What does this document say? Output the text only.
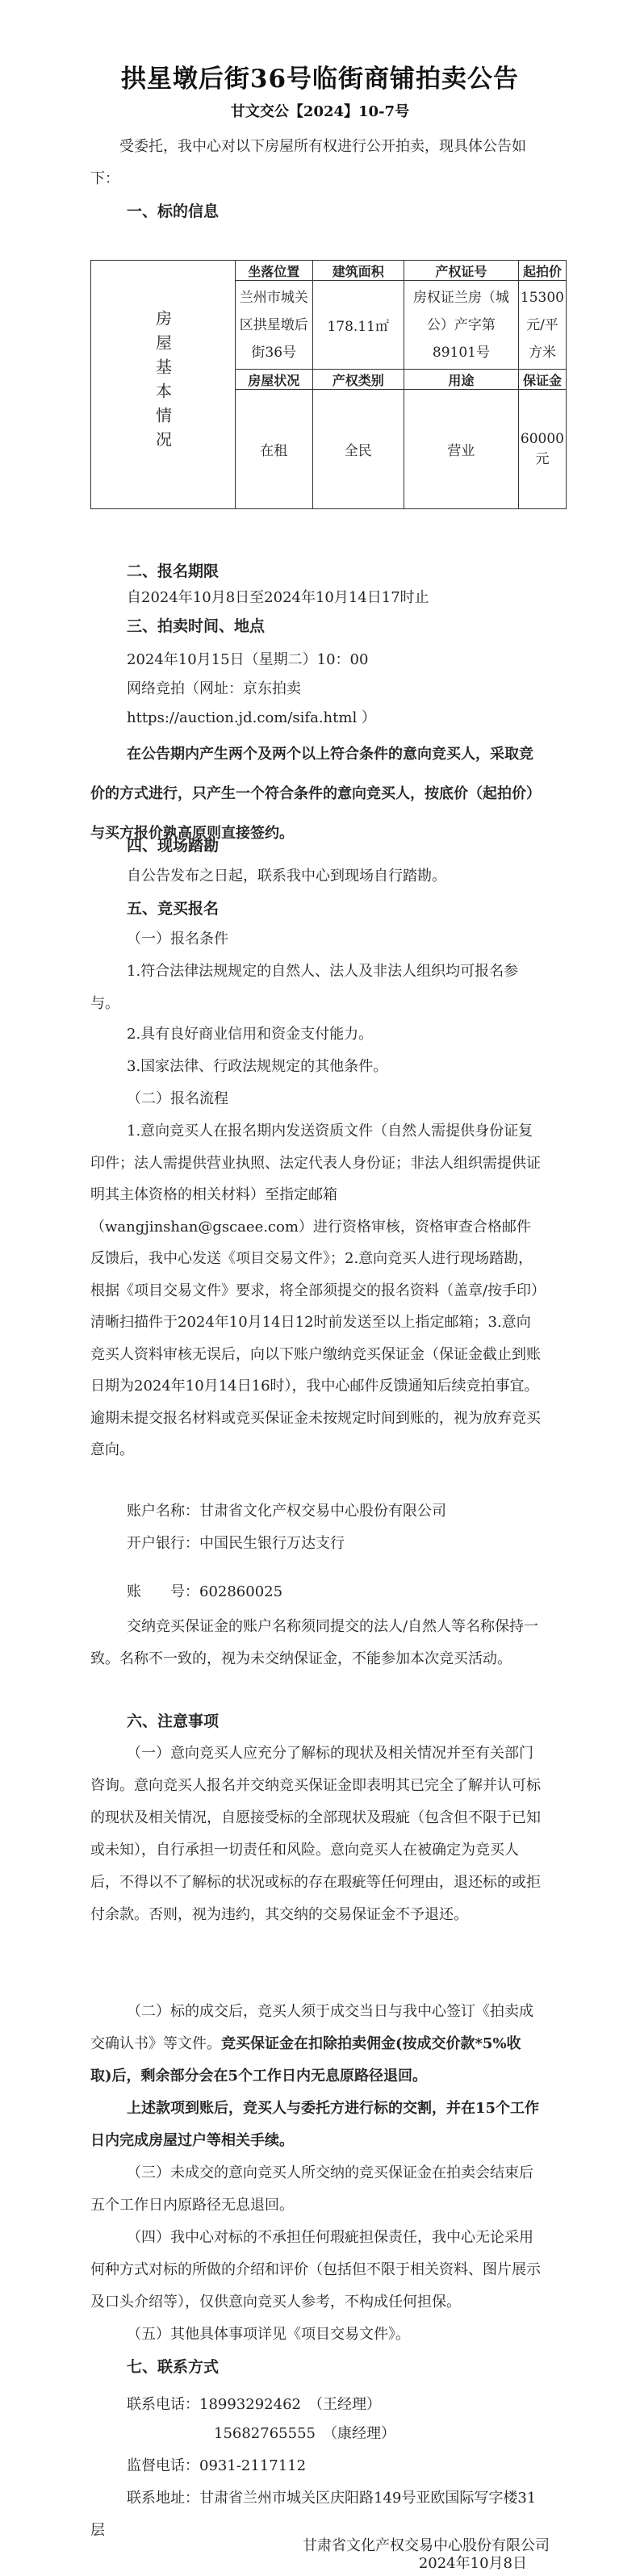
拱星墩后街36号临街商铺拍卖公告
甘文交公【2024】10-7号
受委托，我中心对以下房屋所有权进行公开拍卖，现具体公告如下：
一、标的信息
房屋基本情况	坐落位置	建筑面积	产权证号	起拍价
	兰州市城关区拱星墩后街36号	178.11㎡	房权证兰房（城公）产字第89101号	15300元/平方米
	房屋状况	产权类别	用途	保证金
	在租	全民	营业	60000元
二、报名期限
自2024年10月8日至2024年10月14日17时止
三、拍卖时间、地点
2024年10月15日（星期二）10：00
网络竞拍（网址：京东拍卖
https://auction.jd.com/sifa.html ）
在公告期内产生两个及两个以上符合条件的意向竞买人，采取竞价的方式进行，只产生一个符合条件的意向竞买人，按底价（起拍价）与买方报价孰高原则直接签约。
四、现场踏勘
自公告发布之日起，联系我中心到现场自行踏勘。
五、竞买报名
（一）报名条件
1.符合法律法规规定的自然人、法人及非法人组织均可报名参与。
2.具有良好商业信用和资金支付能力。
3.国家法律、行政法规规定的其他条件。
（二）报名流程
1.意向竞买人在报名期内发送资质文件（自然人需提供身份证复印件；法人需提供营业执照、法定代表人身份证；非法人组织需提供证明其主体资格的相关材料）至指定邮箱（wangjinshan@gscaee.com）进行资格审核，资格审查合格邮件反馈后，我中心发送《项目交易文件》；2.意向竞买人进行现场踏勘，根据《项目交易文件》要求，将全部须提交的报名资料（盖章/按手印）清晰扫描件于2024年10月14日12时前发送至以上指定邮箱；3.意向竞买人资料审核无误后，向以下账户缴纳竞买保证金（保证金截止到账日期为2024年10月14日16时），我中心邮件反馈通知后续竞拍事宜。逾期未提交报名材料或竞买保证金未按规定时间到账的，视为放弃竞买意向。
账户名称：甘肃省文化产权交易中心股份有限公司
开户银行：中国民生银行万达支行
账　　号：602860025
交纳竞买保证金的账户名称须同提交的法人/自然人等名称保持一致。名称不一致的，视为未交纳保证金，不能参加本次竞买活动。
六、注意事项
（一）意向竞买人应充分了解标的现状及相关情况并至有关部门咨询。意向竞买人报名并交纳竞买保证金即表明其已完全了解并认可标的现状及相关情况，自愿接受标的全部现状及瑕疵（包含但不限于已知或未知），自行承担一切责任和风险。意向竞买人在被确定为竞买人后，不得以不了解标的状况或标的存在瑕疵等任何理由，退还标的或拒付余款。否则，视为违约，其交纳的交易保证金不予退还。
（二）标的成交后，竞买人须于成交当日与我中心签订《拍卖成交确认书》等文件。竞买保证金在扣除拍卖佣金(按成交价款*5%收取)后，剩余部分会在5个工作日内无息原路径退回。
上述款项到账后，竞买人与委托方进行标的交割，并在15个工作日内完成房屋过户等相关手续。
（三）未成交的意向竞买人所交纳的竞买保证金在拍卖会结束后五个工作日内原路径无息退回。
（四）我中心对标的不承担任何瑕疵担保责任，我中心无论采用何种方式对标的所做的介绍和评价（包括但不限于相关资料、图片展示及口头介绍等），仅供意向竞买人参考，不构成任何担保。
（五）其他具体事项详见《项目交易文件》。
七、联系方式
联系电话：18993292462　（王经理）
15682765555　（康经理）
监督电话：0931-2117112
联系地址：甘肃省兰州市城关区庆阳路149号亚欧国际写字楼31层
甘肃省文化产权交易中心股份有限公司
2024年10月8日
